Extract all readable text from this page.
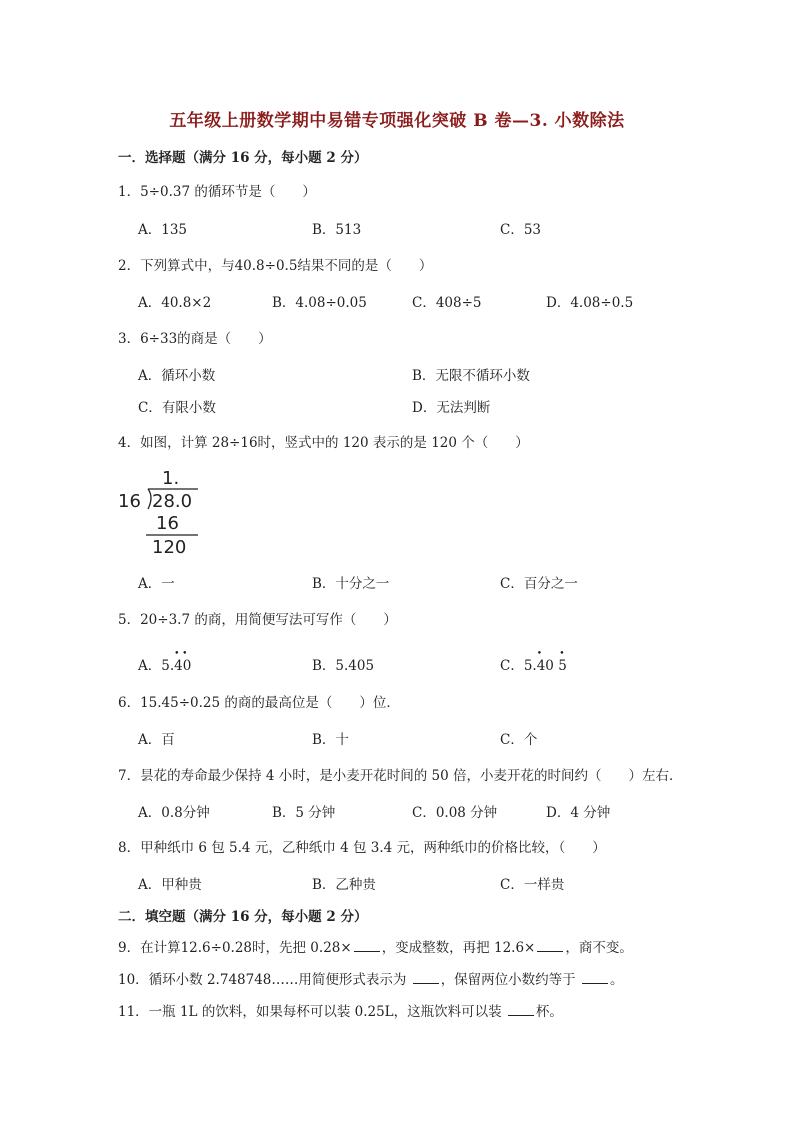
五年级上册数学期中易错专项强化突破 B 卷—3. 小数除法
一．选择题（满分 16 分，每小题 2 分）
1．5÷0.37 的循环节是（　　）
A．135	B．513	C．53
2．下列算式中，与40.8÷0.5结果不同的是（　　）
A．40.8×2	B．4.08÷0.05	C．408÷5	D．4.08÷0.5
3．6÷33的商是（　　）
A．循环小数	B．无限不循环小数
C．有限小数	D．无法判断
4．如图，计算 28÷16时，竖式中的 120 表示的是 120 个（　　）
1.
16 28.0
16
120
A．一	B．十分之一	C．百分之一
5．20÷3.7 的商，用简便写法可写作（　　）
A．5.
• •
40	B．5.405	C．5.
•
40
•
5
6．15.45÷0.25 的商的最高位是（　　）位．
A．百	B．十	C．个
7．昙花的寿命最少保持 4 小时，是小麦开花时间的 50 倍，小麦开花的时间约（　　）左右．
A．0.8分钟	B．5 分钟	C．0.08 分钟	D．4 分钟
8．甲种纸巾 6 包 5.4 元，乙种纸巾 4 包 3.4 元，两种纸巾的价格比较，（　　）
A．甲种贵	B．乙种贵	C．一样贵
二．填空题（满分 16 分，每小题 2 分）
9．在计算12.6÷0.28时，先把 0.28× ，变成整数，再把 12.6× ，商不变。
10．循环小数 2.748748……用简便形式表示为 ，保留两位小数约等于 。
11．一瓶 1L 的饮料，如果每杯可以装 0.25L，这瓶饮料可以装 杯。
